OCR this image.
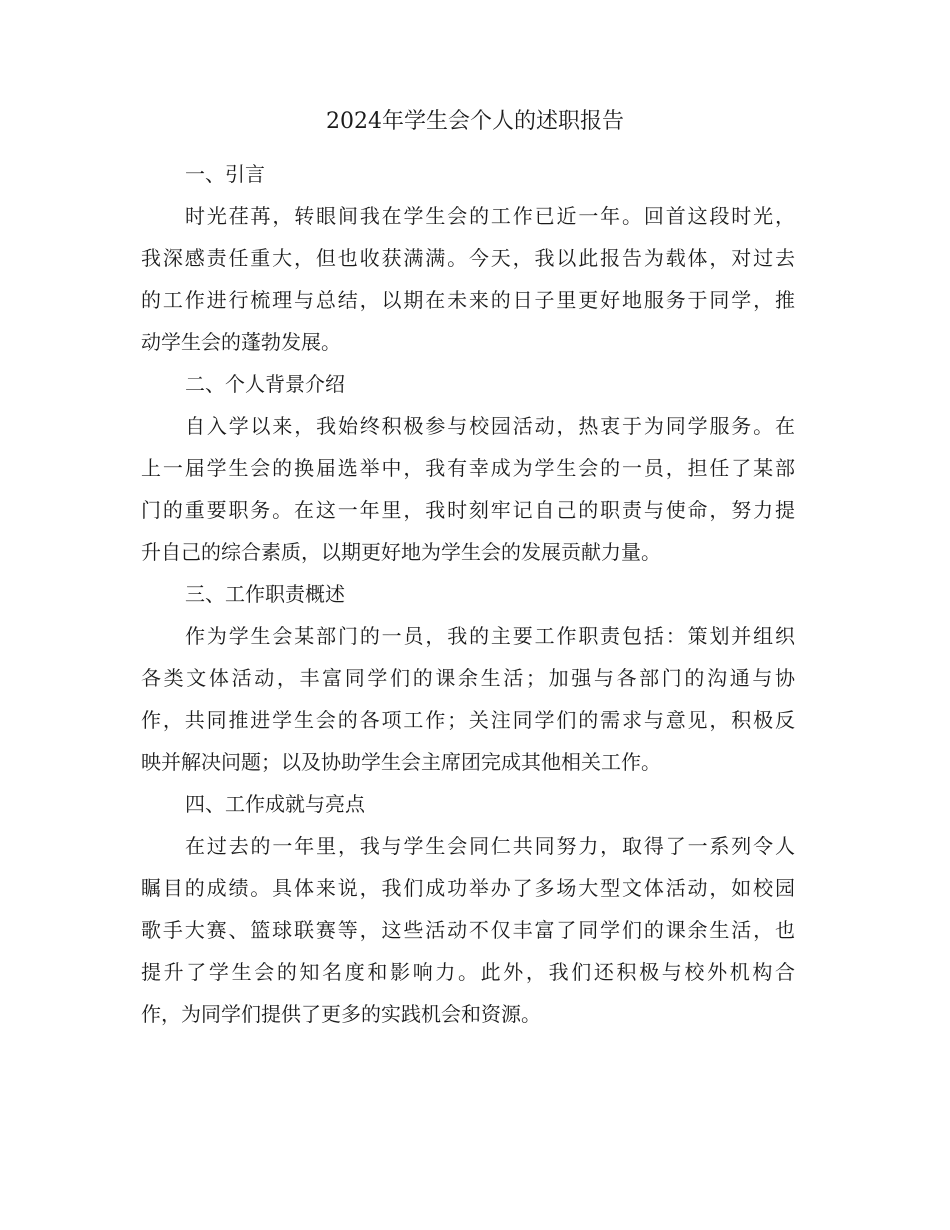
2024年学生会个人的述职报告
一、引言

时光荏苒，转眼间我在学生会的工作已近一年。回首这段时光，
我深感责任重大，但也收获满满。今天，我以此报告为载体，对过去
的工作进行梳理与总结，以期在未来的日子里更好地服务于同学，推
动学生会的蓬勃发展。

二、个人背景介绍

自入学以来，我始终积极参与校园活动，热衷于为同学服务。在
上一届学生会的换届选举中，我有幸成为学生会的一员，担任了某部
门的重要职务。在这一年里，我时刻牢记自己的职责与使命，努力提
升自己的综合素质，以期更好地为学生会的发展贡献力量。

三、工作职责概述

作为学生会某部门的一员，我的主要工作职责包括：策划并组织
各类文体活动，丰富同学们的课余生活；加强与各部门的沟通与协
作，共同推进学生会的各项工作；关注同学们的需求与意见，积极反
映并解决问题；以及协助学生会主席团完成其他相关工作。

四、工作成就与亮点

在过去的一年里，我与学生会同仁共同努力，取得了一系列令人
瞩目的成绩。具体来说，我们成功举办了多场大型文体活动，如校园
歌手大赛、篮球联赛等，这些活动不仅丰富了同学们的课余生活，也
提升了学生会的知名度和影响力。此外，我们还积极与校外机构合
作，为同学们提供了更多的实践机会和资源。
